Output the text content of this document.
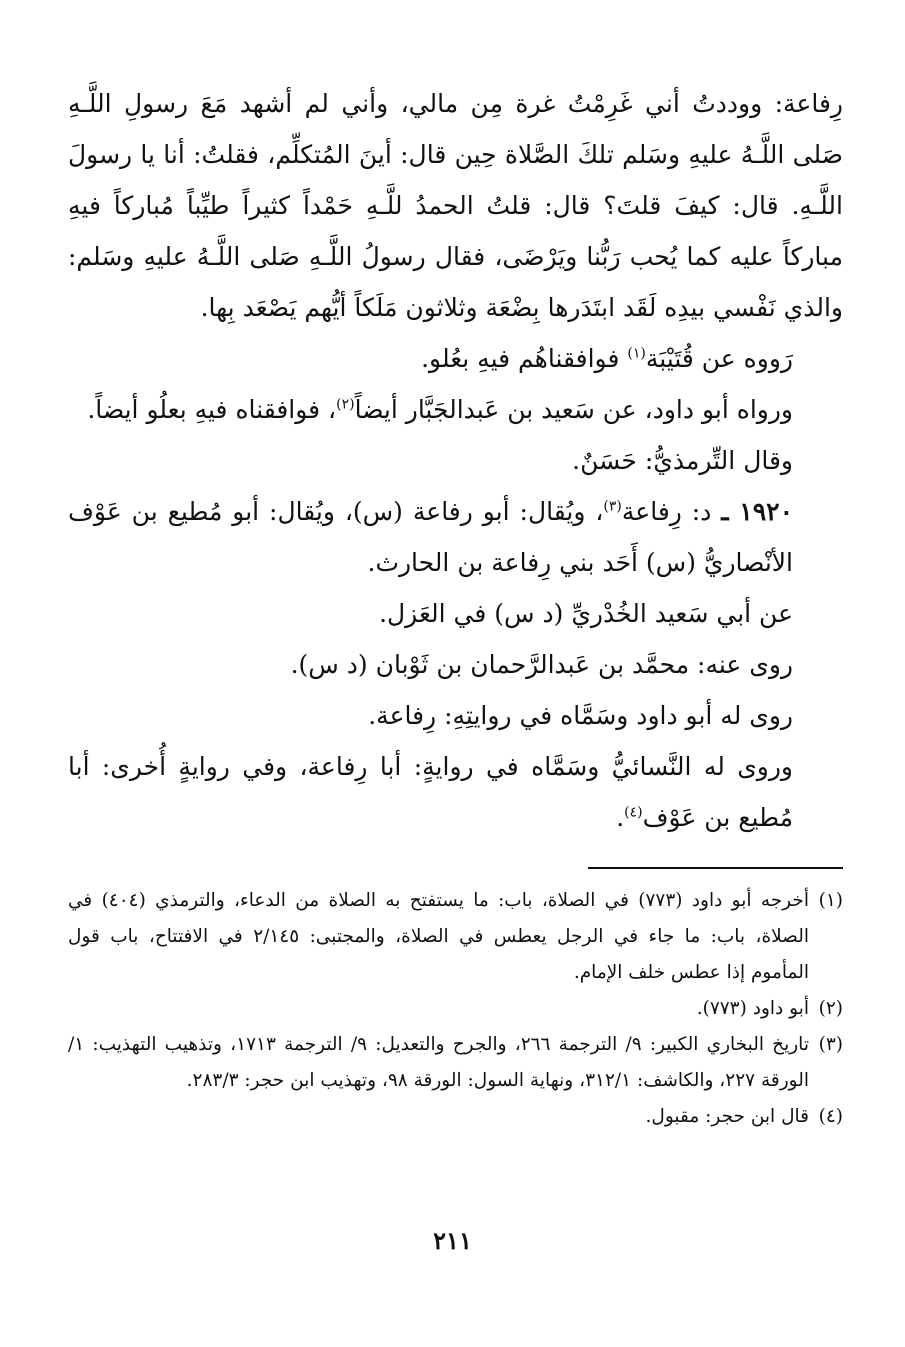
رِفاعة: ووددتُ أني غَرِمْتُ غرة مِن مالي، وأني لم أشهد مَعَ رسولِ اللَّـهِ صَلى اللَّـهُ عليهِ وسَلم تلكَ الصَّلاة حِين قال: أينَ المُتكلِّم، فقلتُ: أنا يا رسولَ اللَّـهِ. قال: كيفَ قلتَ؟ قال: قلتُ الحمدُ للَّـهِ حَمْداً كثيراً طيِّباً مُباركاً فيهِ مباركاً عليه كما يُحب رَبُّنا ويَرْضَى، فقال رسولُ اللَّـهِ صَلى اللَّـهُ عليهِ وسَلم: والذي نَفْسي بيدِه لَقَد ابتَدَرها بِضْعَة وثلاثون مَلَكاً أيُّهم يَصْعَد بِها.

رَووه عن قُتَيْبَة$^{(١)}$ فوافقناهُم فيهِ بعُلو.

ورواه أبو داود، عن سَعيد بن عَبدالجَبَّار أيضاً$^{(٢)}$، فوافقناه فيهِ بعلُو أيضاً.

وقال التِّرمذيُّ: حَسَنٌ.

١٩٢٠ ـ د: رِفاعة$^{(٣)}$، ويُقال: أبو رفاعة (س)، ويُقال: أبو مُطيع بن عَوْف الأنْصاريُّ (س) أَحَد بني رِفاعة بن الحارث.

عن أبي سَعيد الخُدْريِّ (د س) في العَزل.

روى عنه: محمَّد بن عَبدالرَّحمان بن ثَوْبان (د س).

روى له أبو داود وسَمَّاه في روايتِهِ: رِفاعة.

وروى له النَّسائيُّ وسَمَّاه في روايةٍ: أبا رِفاعة، وفي روايةٍ أُخرى: أبا مُطيع بن عَوْف$^{(٤)}$.

(١)
أخرجه أبو داود (٧٧٣) في الصلاة، باب: ما يستفتح به الصلاة من الدعاء، والترمذي (٤٠٤) في الصلاة، باب: ما جاء في الرجل يعطس في الصلاة، والمجتبى: ٢/١٤٥ في الافتتاح، باب قول المأموم إذا عطس خلف الإمام.
(٢)
أبو داود (٧٧٣).
(٣)
تاريخ البخاري الكبير: ٩/ الترجمة ٢٦٦، والجرح والتعديل: ٩/ الترجمة ١٧١٣، وتذهيب التهذيب: ١/ الورقة ٢٢٧، والكاشف: ٣١٢/١، ونهاية السول: الورقة ٩٨، وتهذيب ابن حجر: ٢٨٣/٣.
(٤)
قال ابن حجر: مقبول.
٢١١
